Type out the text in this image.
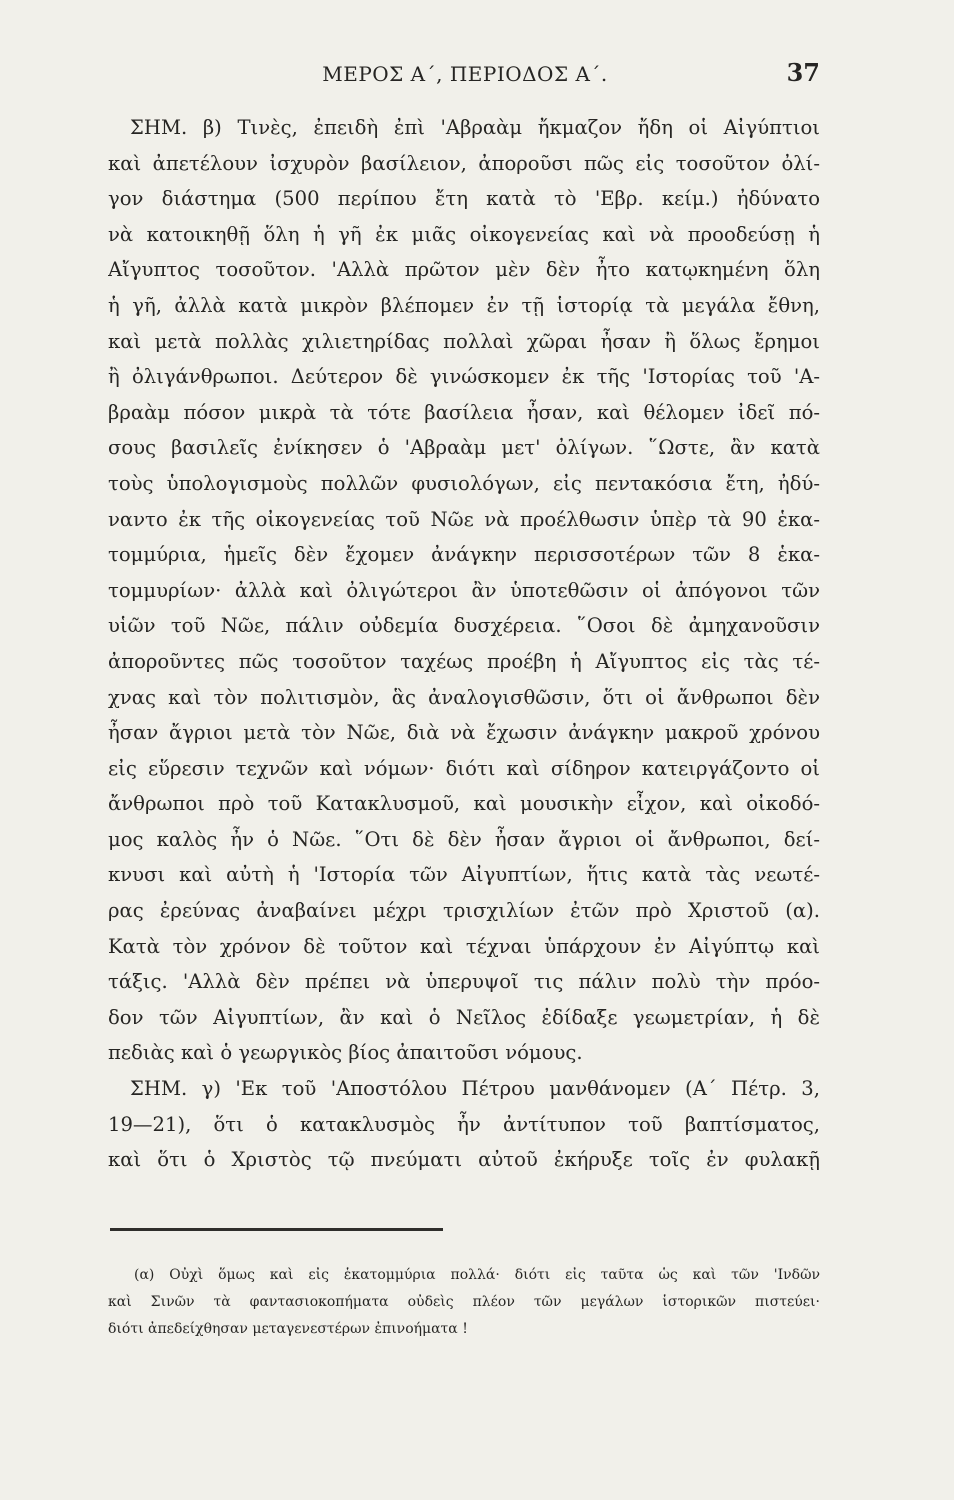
ΜΕΡΟΣ Α΄, ΠΕΡΙΟΔΟΣ Α΄.	37
ΣΗΜ. β) Τινὲς, ἐπειδὴ ἐπὶ 'Αβραὰμ ἤκμαζον ἤδη οἱ Αἰγύπτιοι
καὶ ἀπετέλουν ἰσχυρὸν βασίλειον, ἀποροῦσι πῶς εἰς τοσοῦτον ὀλί-
γον διάστημα (500 περίπου ἔτη κατὰ τὸ 'Εβρ. κείμ.) ἠδύνατο
νὰ κατοικηθῇ ὅλη ἡ γῆ ἐκ μιᾶς οἰκογενείας καὶ νὰ προοδεύσῃ ἡ
Αἴγυπτος τοσοῦτον. 'Αλλὰ πρῶτον μὲν δὲν ἦτο κατῳκημένη ὅλη
ἡ γῆ, ἀλλὰ κατὰ μικρὸν βλέπομεν ἐν τῇ ἱστορίᾳ τὰ μεγάλα ἔθνη,
καὶ μετὰ πολλὰς χιλιετηρίδας πολλαὶ χῶραι ἦσαν ἢ ὅλως ἔρημοι
ἢ ὀλιγάνθρωποι. Δεύτερον δὲ γινώσκομεν ἐκ τῆς 'Ιστορίας τοῦ 'Α-
βραὰμ πόσον μικρὰ τὰ τότε βασίλεια ἦσαν, καὶ θέλομεν ἰδεῖ πό-
σους βασιλεῖς ἐνίκησεν ὁ 'Αβραὰμ μετ' ὀλίγων. ῞Ωστε, ἂν κατὰ
τοὺς ὑπολογισμοὺς πολλῶν φυσιολόγων, εἰς πεντακόσια ἔτη, ἠδύ-
ναντο ἐκ τῆς οἰκογενείας τοῦ Νῶε νὰ προέλθωσιν ὑπὲρ τὰ 90 ἑκα-
τομμύρια, ἡμεῖς δὲν ἔχομεν ἀνάγκην περισσοτέρων τῶν 8 ἑκα-
τομμυρίων· ἀλλὰ καὶ ὀλιγώτεροι ἂν ὑποτεθῶσιν οἱ ἀπόγονοι τῶν
υἱῶν τοῦ Νῶε, πάλιν οὐδεμία δυσχέρεια. ῞Οσοι δὲ ἀμηχανοῦσιν
ἀποροῦντες πῶς τοσοῦτον ταχέως προέβη ἡ Αἴγυπτος εἰς τὰς τέ-
χνας καὶ τὸν πολιτισμὸν, ἃς ἀναλογισθῶσιν, ὅτι οἱ ἄνθρωποι δὲν
ἦσαν ἄγριοι μετὰ τὸν Νῶε, διὰ νὰ ἔχωσιν ἀνάγκην μακροῦ χρόνου
εἰς εὕρεσιν τεχνῶν καὶ νόμων· διότι καὶ σίδηρον κατειργάζοντο οἱ
ἄνθρωποι πρὸ τοῦ Κατακλυσμοῦ, καὶ μουσικὴν εἶχον, καὶ οἰκοδό-
μος καλὸς ἦν ὁ Νῶε. ῞Οτι δὲ δὲν ἦσαν ἄγριοι οἱ ἄνθρωποι, δεί-
κνυσι καὶ αὐτὴ ἡ 'Ιστορία τῶν Αἰγυπτίων, ἥτις κατὰ τὰς νεωτέ-
ρας ἐρεύνας ἀναβαίνει μέχρι τρισχιλίων ἐτῶν πρὸ Χριστοῦ (α).
Κατὰ τὸν χρόνον δὲ τοῦτον καὶ τέχναι ὑπάρχουν ἐν Αἰγύπτῳ καὶ
τάξις. 'Αλλὰ δὲν πρέπει νὰ ὑπερυψοῖ τις πάλιν πολὺ τὴν πρόο-
δον τῶν Αἰγυπτίων, ἂν καὶ ὁ Νεῖλος ἐδίδαξε γεωμετρίαν, ἡ δὲ
πεδιὰς καὶ ὁ γεωργικὸς βίος ἀπαιτοῦσι νόμους.
ΣΗΜ. γ) 'Εκ τοῦ 'Αποστόλου Πέτρου μανθάνομεν (Α΄ Πέτρ. 3,
19—21), ὅτι ὁ κατακλυσμὸς ἦν ἀντίτυπον τοῦ βαπτίσματος,
καὶ ὅτι ὁ Χριστὸς τῷ πνεύματι αὐτοῦ ἐκήρυξε τοῖς ἐν φυλακῇ
(α) Οὐχὶ ὅμως καὶ εἰς ἑκατομμύρια πολλά· διότι εἰς ταῦτα ὡς καὶ τῶν 'Ινδῶν
καὶ Σινῶν τὰ φαντασιοκοπήματα οὐδεὶς πλέον τῶν μεγάλων ἱστορικῶν πιστεύει·
διότι ἀπεδείχθησαν μεταγενεστέρων ἐπινοήματα !
